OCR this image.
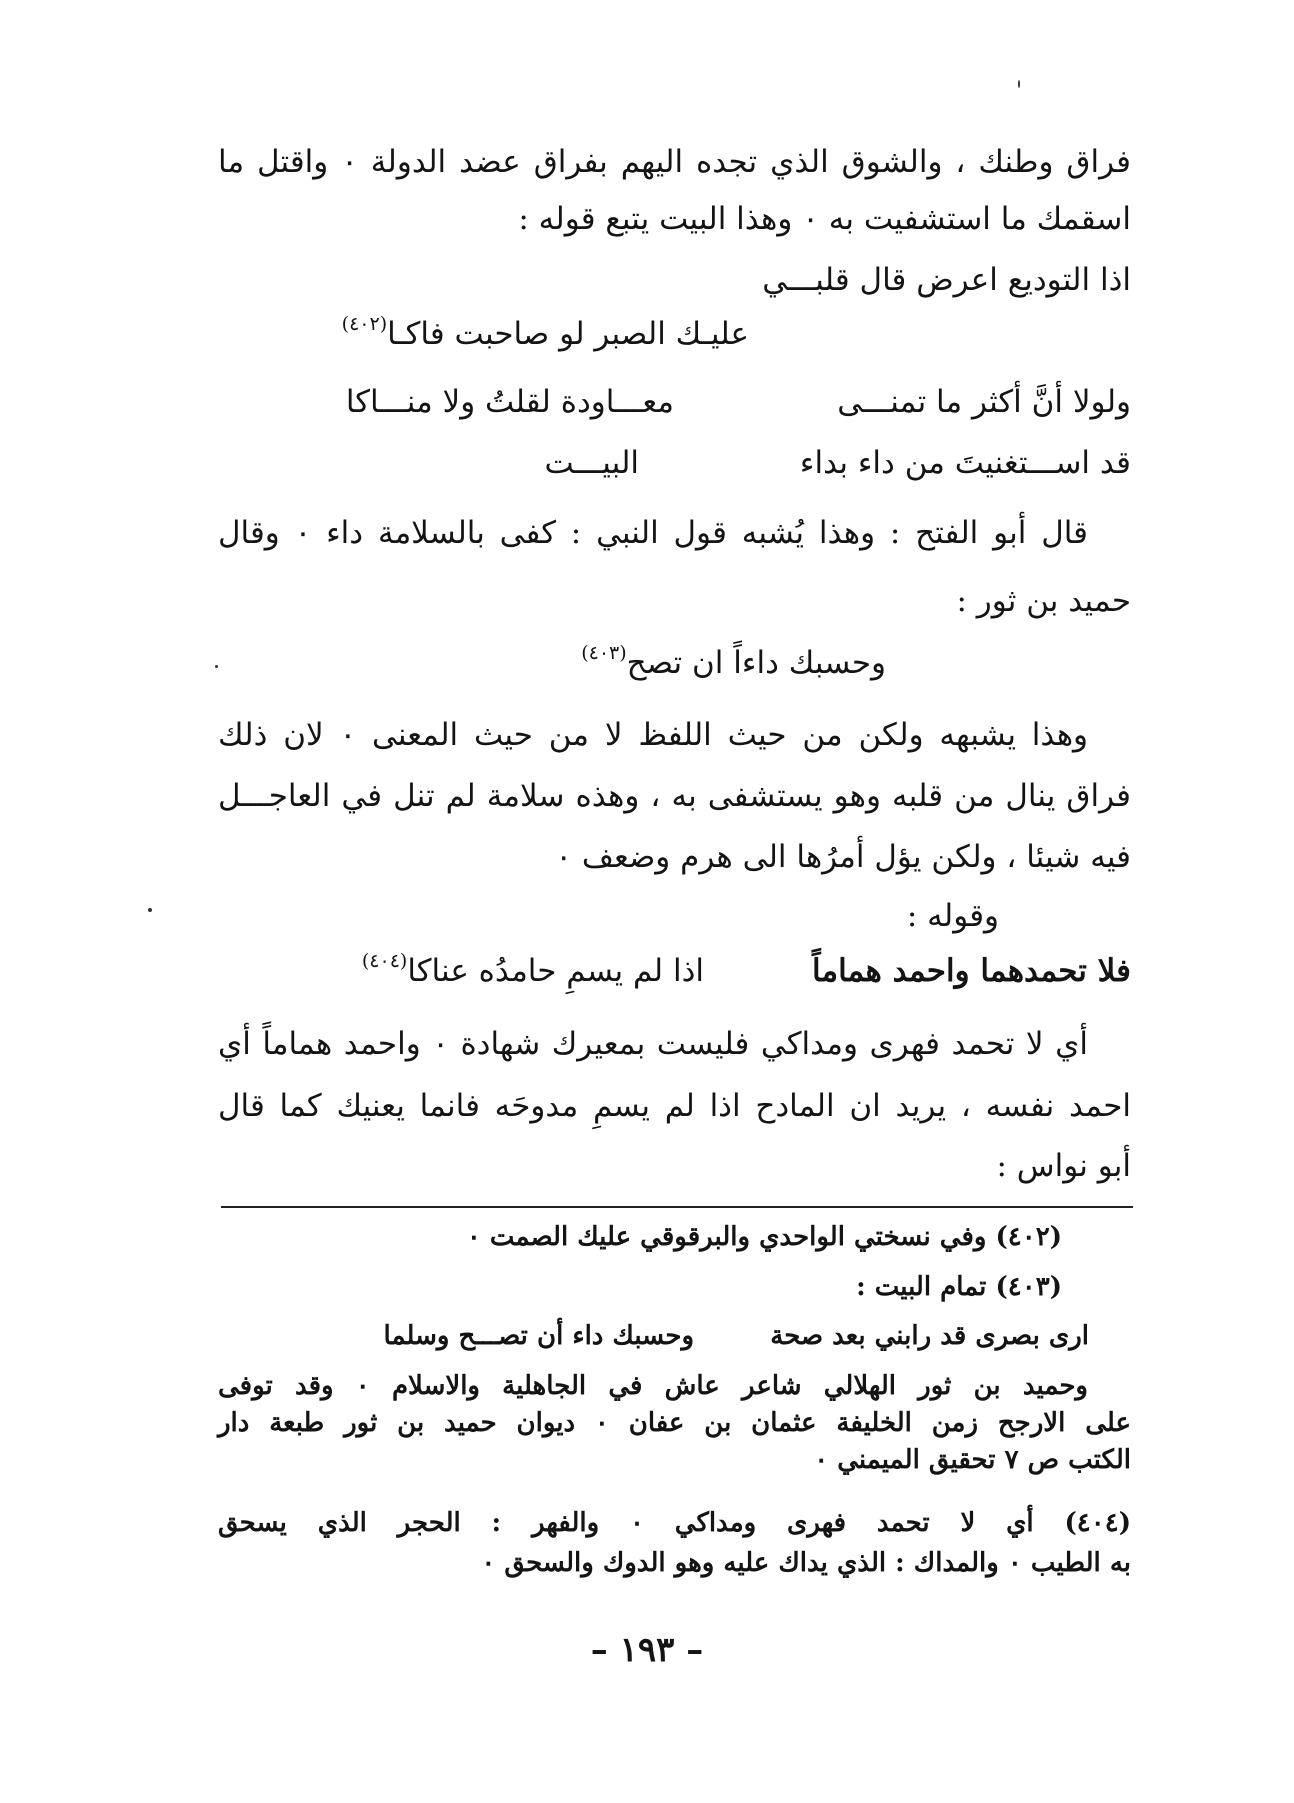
فراق وطنك ، والشوق الذي تجده اليهم بفراق عضد الدولة ٠ واقتل ما
اسقمك ما استشفيت به ٠ وهذا البيت يتبع قوله :
اذا التوديع اعرض قال قلبـــي
عليـك الصبر لو صاحبت فاكـا$^{(٤٠٢)}$
ولولا أنَّ أكثر ما تمنـــى
معـــاودة لقلتُ ولا منـــاكا
قد اســـتغنيتَ من داء بداء
البيـــت
قال أبو الفتح : وهذا يُشبه قول النبي : كفى بالسلامة داء ٠ وقال
حميد بن ثور :
وحسبك داءاً ان تصح$^{(٤٠٣)}$
وهذا يشبهه ولكن من حيث اللفظ لا من حيث المعنى ٠ لان ذلك
فراق ينال من قلبه وهو يستشفى به ، وهذه سلامة لم تنل في العاجـــل
فيه شيئا ، ولكن يؤل أمرُها الى هرم وضعف ٠
وقوله :
فلا تحمدهما واحمد هماماً
اذا لم يسمِ حامدُه عناكا$^{(٤٠٤)}$
أي لا تحمد فهرى ومداكي فليست بمعيرك شهادة ٠ واحمد هماماً أي
احمد نفسه ، يريد ان المادح اذا لم يسمِ مدوحَه فانما يعنيك كما قال
أبو نواس :
(٤٠٢) وفي نسختي الواحدي والبرقوقي عليك الصمت ٠
(٤٠٣) تمام البيت :
ارى بصرى قد رابني بعد صحة
وحسبك داء أن تصـــح وسلما
وحميد بن ثور الهلالي شاعر عاش في الجاهلية والاسلام ٠ وقد توفى
على الارجح زمن الخليفة عثمان بن عفان ٠ ديوان حميد بن ثور طبعة دار
الكتب ص ٧ تحقيق الميمني ٠
(٤٠٤) أي لا تحمد فهرى ومداكي ٠ والفهر : الحجر الذي يسحق
به الطيب ٠ والمداك : الذي يداك عليه وهو الدوك والسحق ٠
– ١٩٣ –
